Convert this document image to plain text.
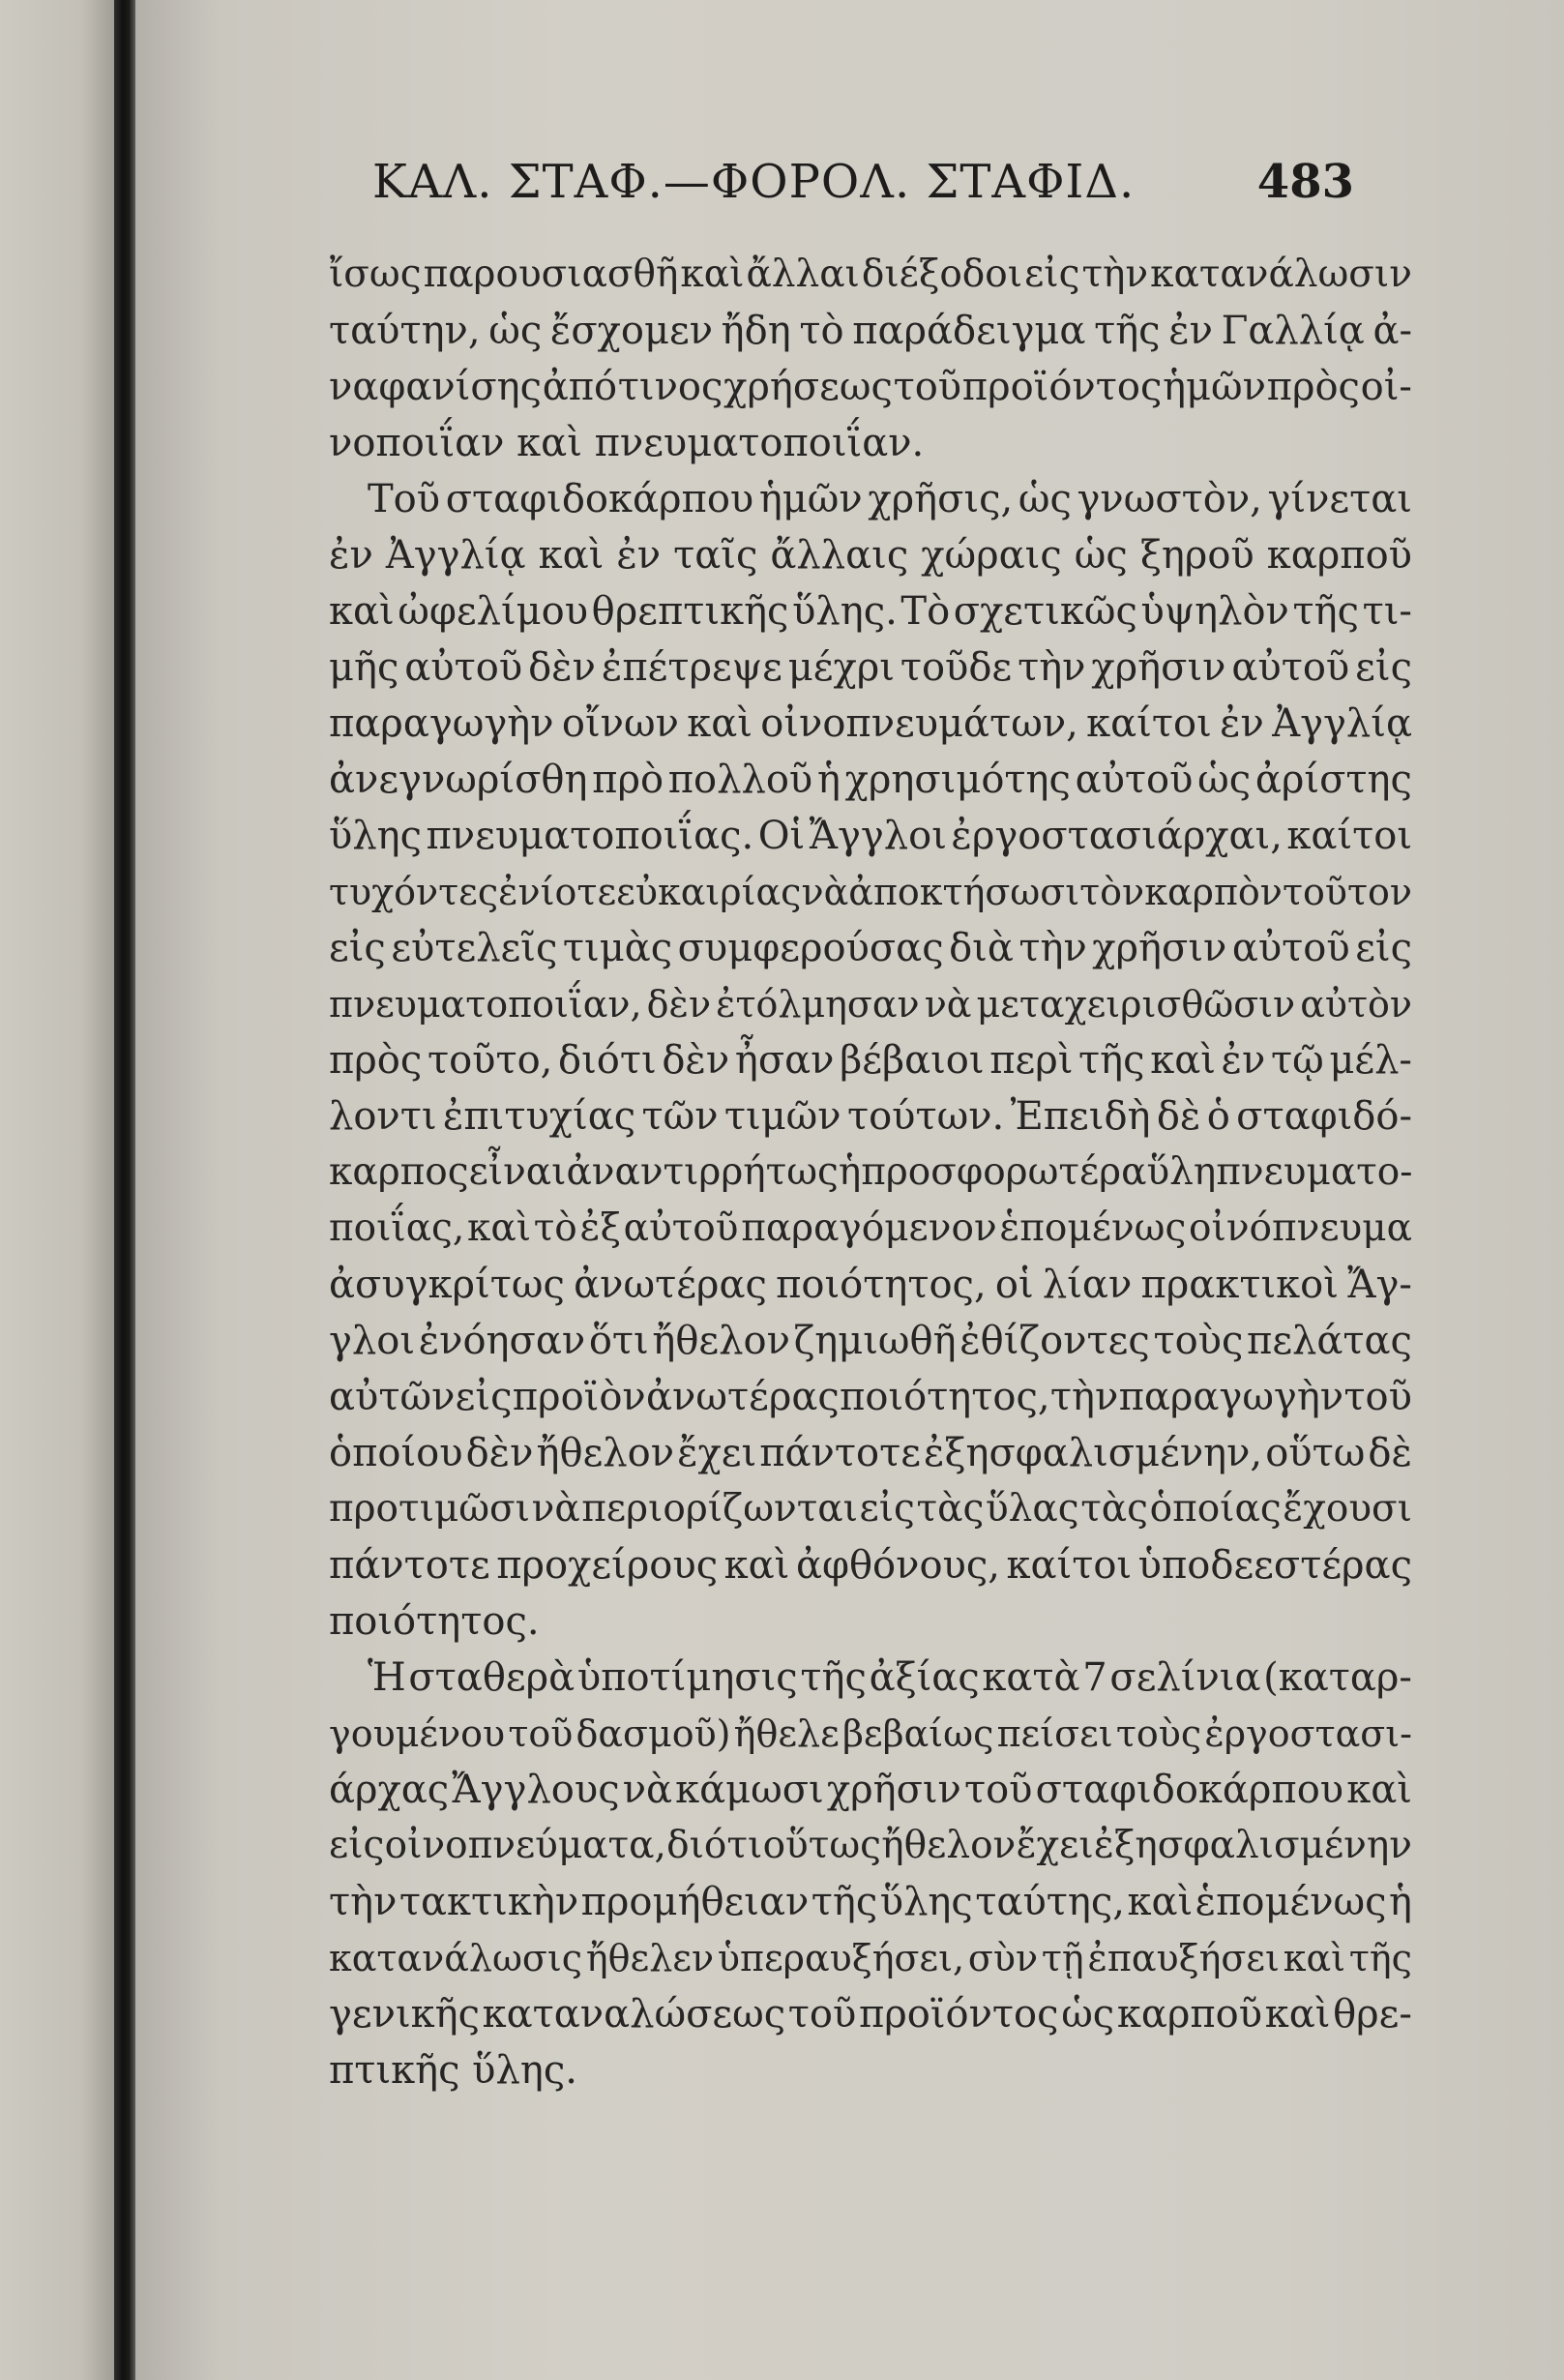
ΚΑΛ. ΣΤΑΦ.—ΦΟΡΟΛ. ΣΤΑΦΙΔ.	483
ἴσως παρουσιασθῆ καὶ ἄλλαι διέξοδοι εἰς τὴν κατανάλωσιν
ταύτην, ὡς ἔσχομεν ἤδη τὸ παράδειγμα τῆς ἐν Γαλλίᾳ ἀ-
ναφανίσης ἀπό τινος χρήσεως τοῦ προϊόντος ἡμῶν πρὸς οἰ-
νοποιΐαν καὶ πνευματοποιΐαν.
Τοῦ σταφιδοκάρπου ἡμῶν χρῆσις, ὡς γνωστὸν, γίνεται
ἐν Ἀγγλίᾳ καὶ ἐν ταῖς ἄλλαις χώραις ὡς ξηροῦ καρποῦ
καὶ ὠφελίμου θρεπτικῆς ὕλης. Τὸ σχετικῶς ὑψηλὸν τῆς τι-
μῆς αὐτοῦ δὲν ἐπέτρεψε μέχρι τοῦδε τὴν χρῆσιν αὐτοῦ εἰς
παραγωγὴν οἴνων καὶ οἰνοπνευμάτων, καίτοι ἐν Ἀγγλίᾳ
ἀνεγνωρίσθη πρὸ πολλοῦ ἡ χρησιμότης αὐτοῦ ὡς ἀρίστης
ὕλης πνευματοποιΐας. Οἱ Ἄγγλοι ἐργοστασιάρχαι, καίτοι
τυχόντες ἐνίοτε εὐκαιρίας νὰ ἀποκτήσωσι τὸν καρπὸν τοῦτον
εἰς εὐτελεῖς τιμὰς συμφερούσας διὰ τὴν χρῆσιν αὐτοῦ εἰς
πνευματοποιΐαν, δὲν ἐτόλμησαν νὰ μεταχειρισθῶσιν αὐτὸν
πρὸς τοῦτο, διότι δὲν ἦσαν βέβαιοι περὶ τῆς καὶ ἐν τῷ μέλ-
λοντι ἐπιτυχίας τῶν τιμῶν τούτων. Ἐπειδὴ δὲ ὁ σταφιδό-
καρπος εἶναι ἀναντιρρήτως ἡ προσφορωτέρα ὕλη πνευματο-
ποιΐας, καὶ τὸ ἐξ αὐτοῦ παραγόμενον ἑπομένως οἰνόπνευμα
ἀσυγκρίτως ἀνωτέρας ποιότητος, οἱ λίαν πρακτικοὶ Ἄγ-
γλοι ἐνόησαν ὅτι ἤθελον ζημιωθῆ ἐθίζοντες τοὺς πελάτας
αὐτῶν εἰς προϊὸν ἀνωτέρας ποιότητος, τὴν παραγωγὴν τοῦ
ὁποίου δὲν ἤθελον ἔχει πάντοτε ἐξησφαλισμένην, οὕτω δὲ
προτιμῶσι νὰ περιορίζωνται εἰς τὰς ὕλας τὰς ὁποίας ἔχουσι
πάντοτε προχείρους καὶ ἀφθόνους, καίτοι ὑποδεεστέρας
ποιότητος.
Ἡ σταθερὰ ὑποτίμησις τῆς ἀξίας κατὰ 7 σελίνια (καταρ-
γουμένου τοῦ δασμοῦ) ἤθελε βεβαίως πείσει τοὺς ἐργοστασι-
άρχας Ἄγγλους νὰ κάμωσι χρῆσιν τοῦ σταφιδοκάρπου καὶ
εἰς οἰνοπνεύματα, διότι οὕτως ἤθελον ἔχει ἐξησφαλισμένην
τὴν τακτικὴν προμήθειαν τῆς ὕλης ταύτης, καὶ ἑπομένως ἡ
κατανάλωσις ἤθελεν ὑπεραυξήσει, σὺν τῇ ἐπαυξήσει καὶ τῆς
γενικῆς καταναλώσεως τοῦ προϊόντος ὡς καρποῦ καὶ θρε-
πτικῆς ὕλης.
